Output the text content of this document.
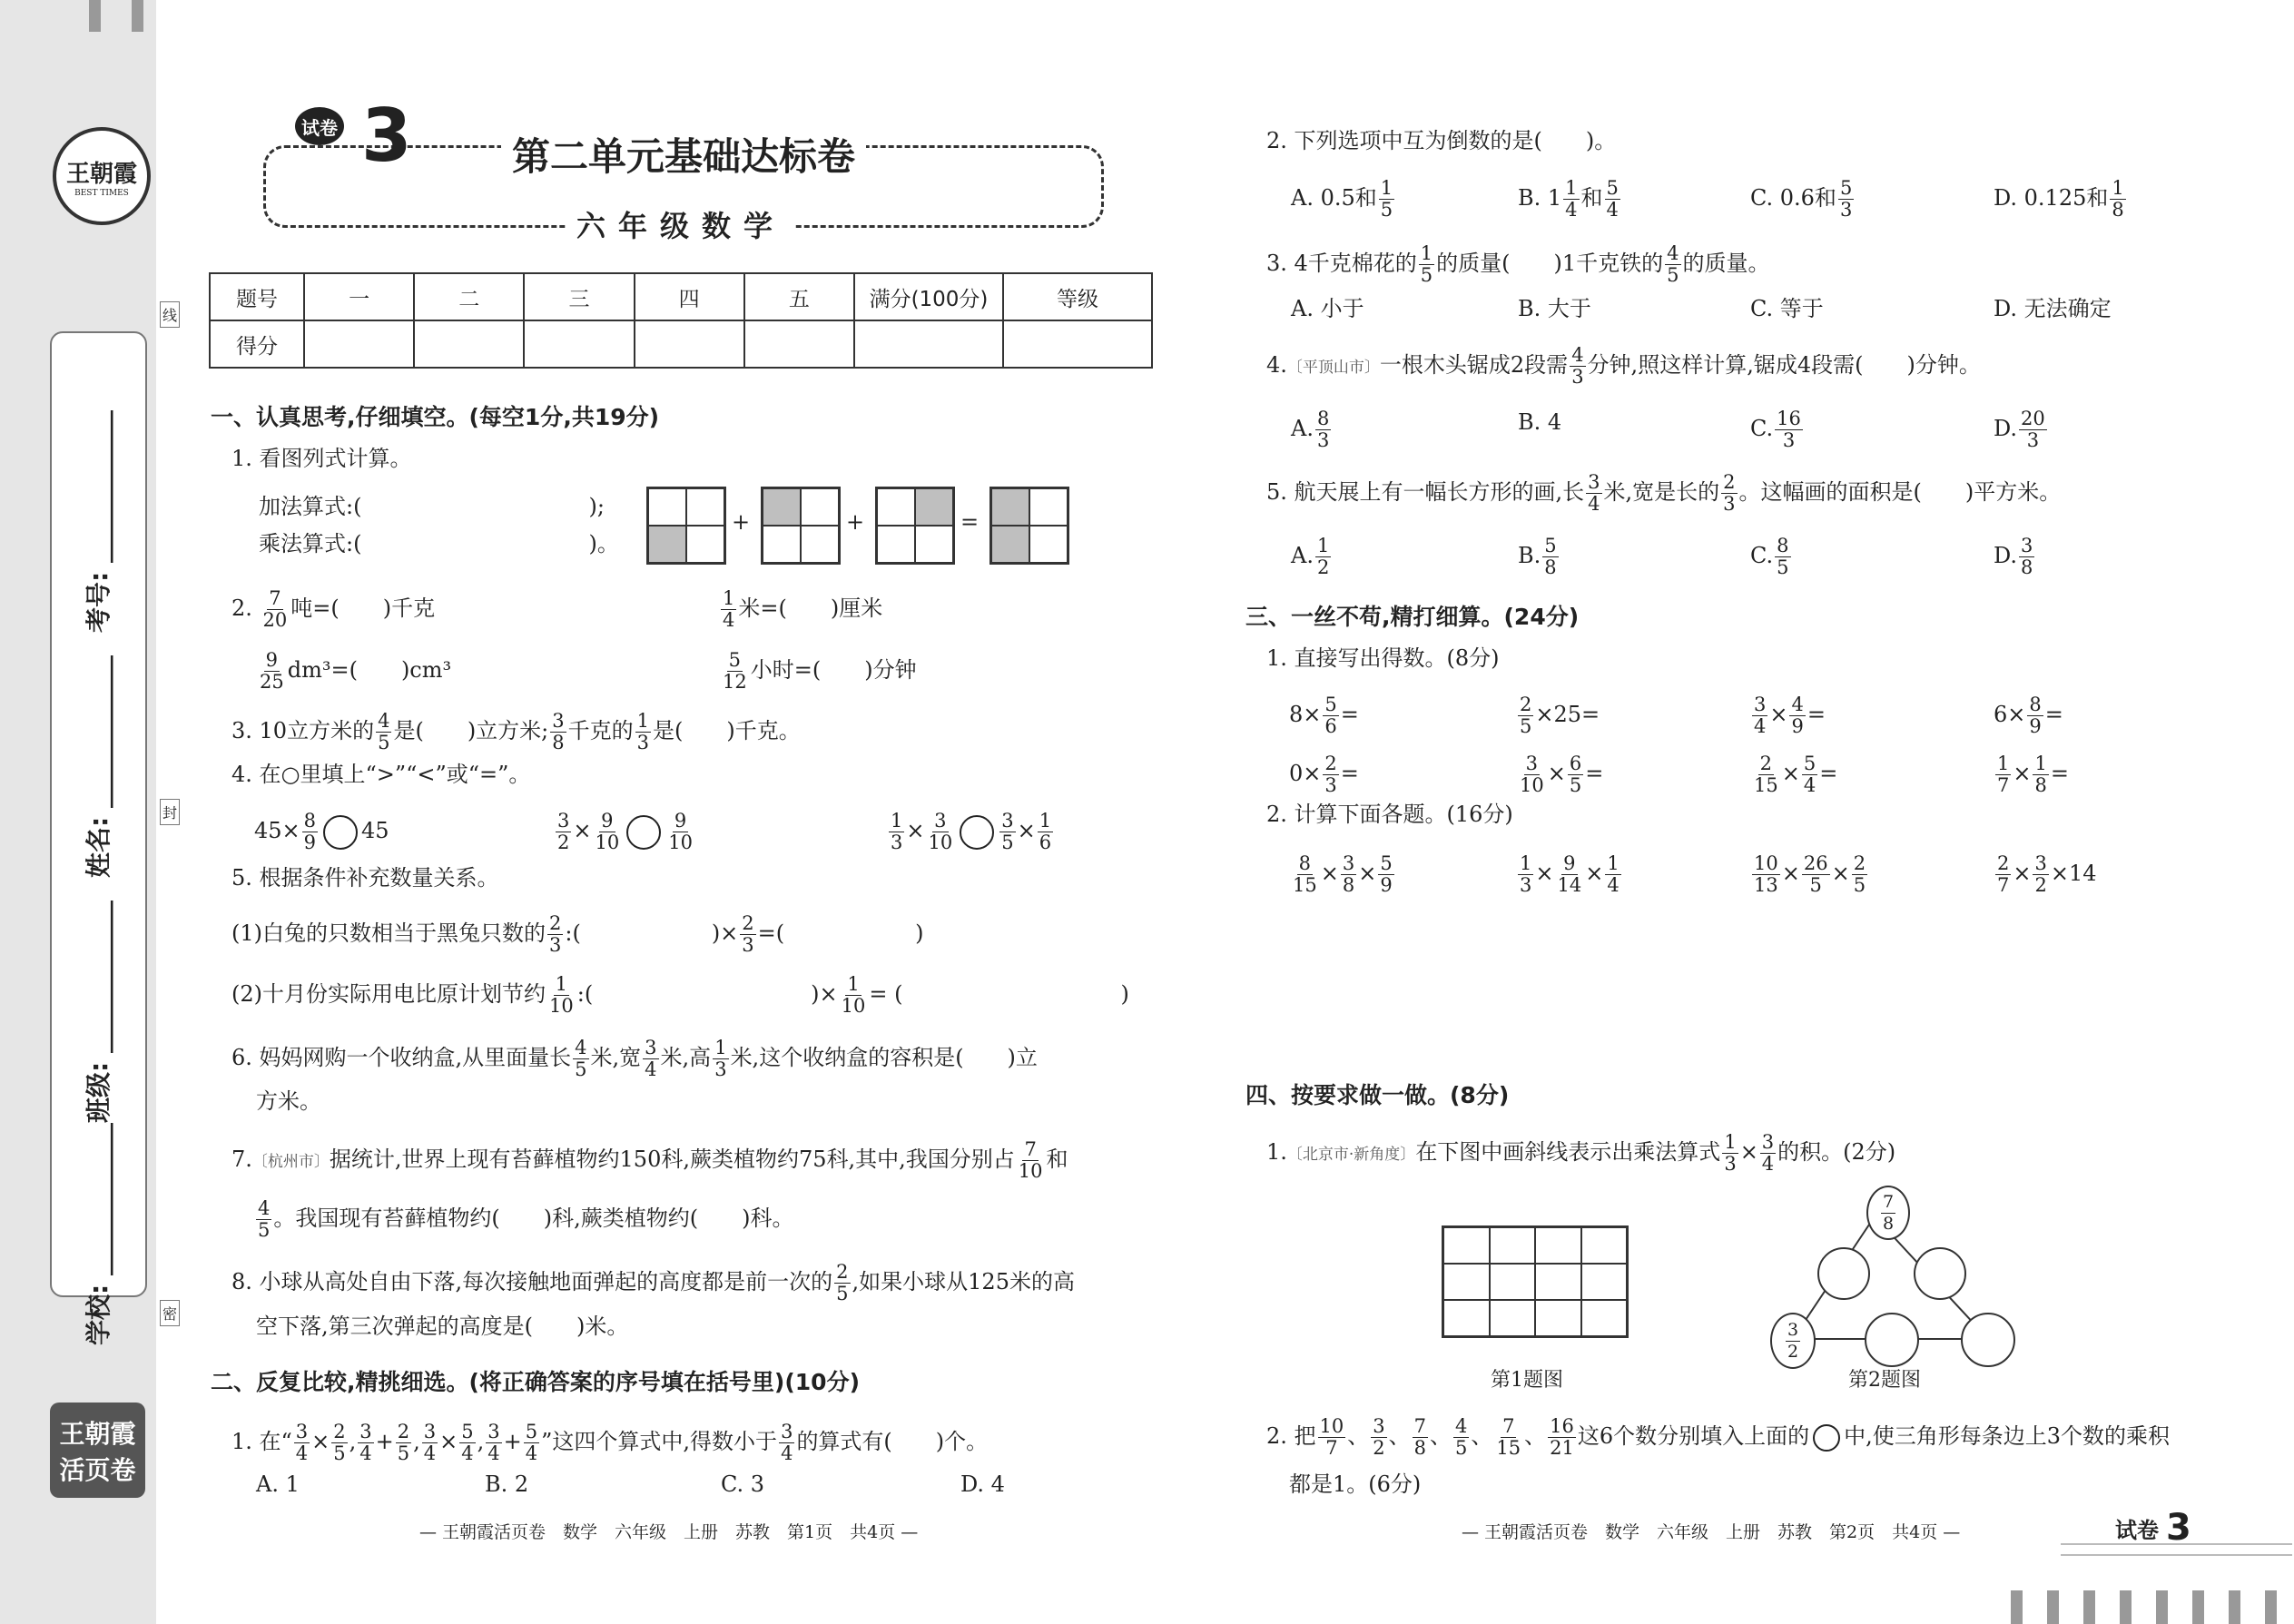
王朝霞
BEST TIMES
考号: ____________
姓名: ____________
班级: ____________
学校: ____________
线
封
密
王朝霞
活页卷
试卷 3	第二单元基础达标卷
六年级数学
题号	一	二	三	四	五	满分(100分)	等级
得分							
一、认真思考,仔细填空。(每空1分,共19分)
1. 看图列式计算。
加法算式:(	);
乘法算式:(	)。
+	+	=
2. $\frac{7}{20}$ 吨=(　　)千克	$\frac{1}{4}$ 米=(　　)厘米
$\frac{9}{25} dm^3=$(　　)cm³	$\frac{5}{12}$ 小时=(　　)分钟
3. 10立方米的 $\frac{4}{5}$ 是(　　)立方米; $\frac{3}{8}$ 千克的 $\frac{1}{3}$ 是(　　)千克。
4. 在○里填上“>”“<”或“=”。
$45\times \frac{8}{9} 45$	$\frac{3}{2} \times \frac{9}{10} \frac{9}{10}$	$\frac{1}{3} \times \frac{3}{10} \frac{3}{5} \times \frac{1}{6}$
5. 根据条件补充数量关系。
(1)白兔的只数相当于黑兔只数的 $\frac{2}{3}$ :(　　　　　　)× $\frac{2}{3}$ =(　　　　　　)
(2)十月份实际用电比原计划节约 $\frac{1}{10}$ :(　　　　　　　　　　)× $\frac{1}{10}$ = (　　　　　　　　　　)
6. 妈妈网购一个收纳盒,从里面量长 $\frac{4}{5}$ 米,宽 $\frac{3}{4}$ 米,高 $\frac{1}{3}$ 米,这个收纳盒的容积是(　　)立
方米。
7.〔杭州市〕据统计,世界上现有苔藓植物约150科,蕨类植物约75科,其中,我国分别占 $\frac{7}{10}$ 和
$\frac{4}{5}$ 。我国现有苔藓植物约(　　)科,蕨类植物约(　　)科。
8. 小球从高处自由下落,每次接触地面弹起的高度都是前一次的 $\frac{2}{5}$ ,如果小球从125米的高
空下落,第三次弹起的高度是(　　)米。
二、反复比较,精挑细选。(将正确答案的序号填在括号里)(10分)
1. 在“ $\frac{3}{4} \times \frac{2}{5}$ , $\frac{3}{4} + \frac{2}{5}$ , $\frac{3}{4} \times \frac{5}{4}$ , $\frac{3}{4} + \frac{5}{4}$ ”这四个算式中,得数小于 $\frac{3}{4}$ 的算式有(　　)个。
A. 1	B. 2	C. 3	D. 4
— 王朝霞活页卷　数学　六年级　上册　苏教　第1页　共4页 —
2. 下列选项中互为倒数的是(　　)。
A. 0.5和 $\frac{1}{5}$	B. $1 \frac{1}{4}$ 和 $\frac{5}{4}$	C. 0.6和 $\frac{5}{3}$	D. 0.125和 $\frac{1}{8}$
3. 4千克棉花的 $\frac{1}{5}$ 的质量(　　)1千克铁的 $\frac{4}{5}$ 的质量。
A. 小于	B. 大于	C. 等于	D. 无法确定
4.〔平顶山市〕一根木头锯成2段需 $\frac{4}{3}$ 分钟,照这样计算,锯成4段需(　　)分钟。
A. $\frac{8}{3}$	B. 4	C. $\frac{16}{3}$	D. $\frac{20}{3}$
5. 航天展上有一幅长方形的画,长 $\frac{3}{4}$ 米,宽是长的 $\frac{2}{3}$ 。这幅画的面积是(　　)平方米。
A. $\frac{1}{2}$	B. $\frac{5}{8}$	C. $\frac{8}{5}$	D. $\frac{3}{8}$
三、一丝不苟,精打细算。(24分)
1. 直接写出得数。(8分)
$8\times \frac{5}{6}$ =	$\frac{2}{5} \times 25=$	$\frac{3}{4} \times \frac{4}{9}$ =	$6\times \frac{8}{9}$ =
$0\times \frac{2}{3}$ =	$\frac{3}{10} \times \frac{6}{5}$ =	$\frac{2}{15} \times \frac{5}{4}$ =	$\frac{1}{7} \times \frac{1}{8}$ =
2. 计算下面各题。(16分)
$\frac{8}{15} \times \frac{3}{8} \times \frac{5}{9}$	$\frac{1}{3} \times \frac{9}{14} \times \frac{1}{4}$	$\frac{10}{13} \times \frac{26}{5} \times \frac{2}{5}$	$\frac{2}{7} \times \frac{3}{2} \times 14$
四、按要求做一做。(8分)
1.〔北京市·新角度〕在下图中画斜线表示出乘法算式 $\frac{1}{3} \times \frac{3}{4}$ 的积。(2分)
第1题图
$\frac{7}{8}$
$\frac{3}{2}$
第2题图
2. 把 $\frac{10}{7}$ 、 $\frac{3}{2}$ 、 $\frac{7}{8}$ 、 $\frac{4}{5}$ 、 $\frac{7}{15}$ 、 $\frac{16}{21}$ 这6个数分别填入上面的 中,使三角形每条边上3个数的乘积
都是1。(6分)
— 王朝霞活页卷　数学　六年级　上册　苏教　第2页　共4页 —	试卷 3
